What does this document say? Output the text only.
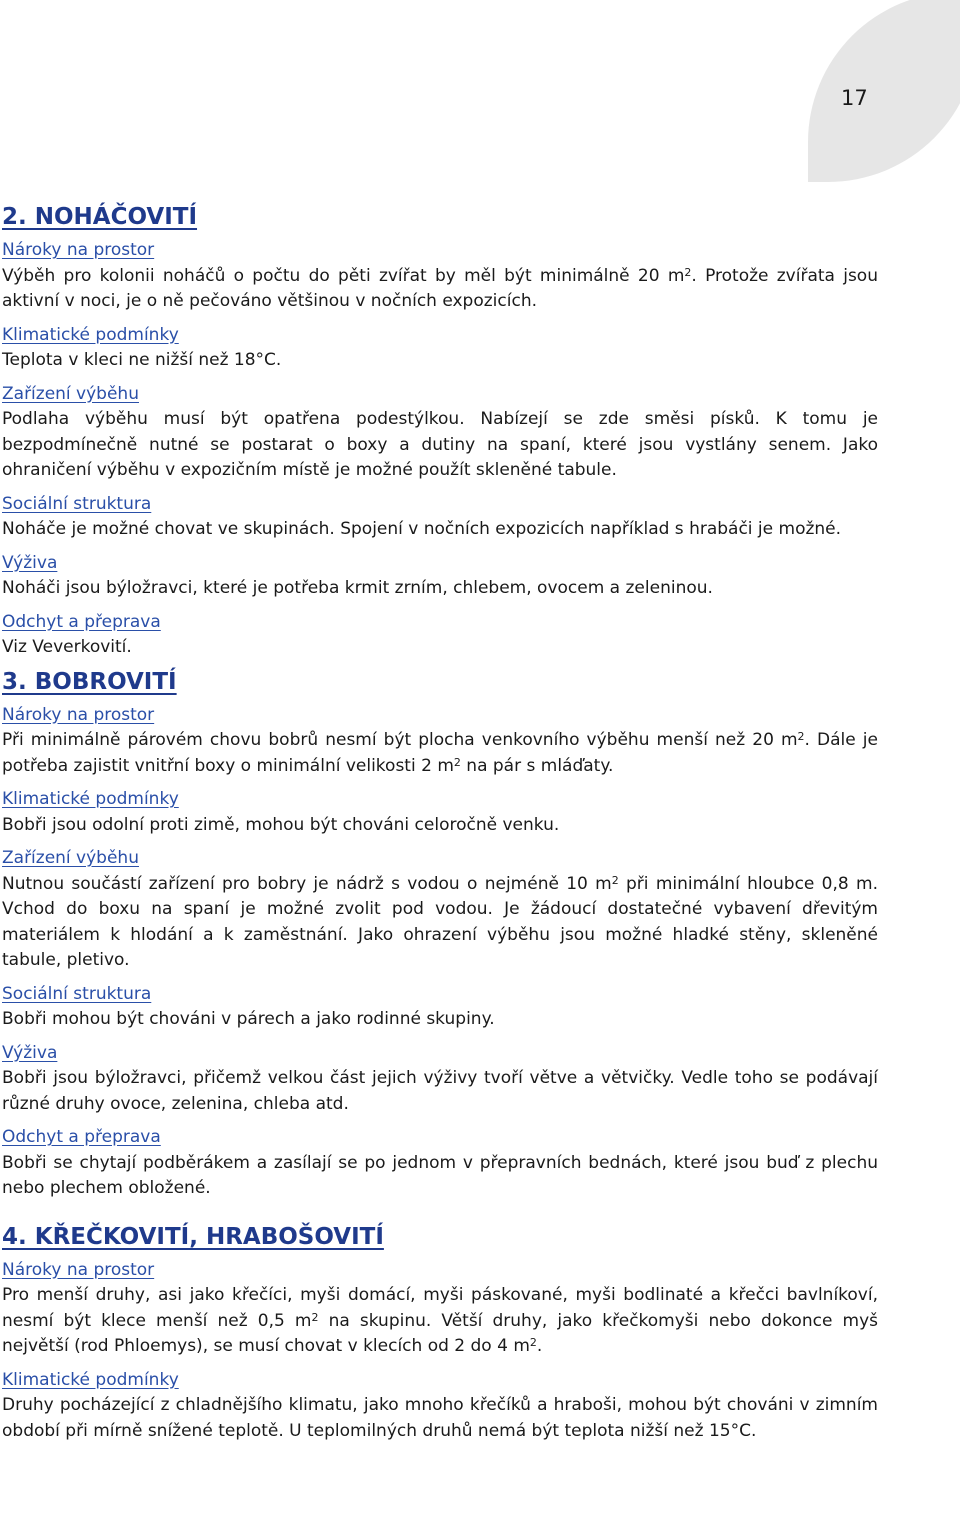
17
2. NOHÁČOVITÍ
Nároky na prostor

Výběh pro kolonii noháčů o počtu do pěti zvířat by měl být minimálně 20 $m^2$. Protože zvířata jsou aktivní v noci, je o ně pečováno většinou v nočních expozicích.

Klimatické podmínky

Teplota v kleci ne nižší než 18°C.

Zařízení výběhu

Podlaha výběhu musí být opatřena podestýlkou. Nabízejí se zde směsi písků. K tomu je bezpodmínečně nutné se postarat o boxy a dutiny na spaní, které jsou vystlány senem. Jako ohraničení výběhu v expozičním místě je možné použít skleněné tabule.

Sociální struktura

Noháče je možné chovat ve skupinách. Spojení v nočních expozicích například s hrabáči je možné.

Výživa

Noháči jsou býložravci, které je potřeba krmit zrním, chlebem, ovocem a zeleninou.

Odchyt a přeprava

Viz Veverkovití.

3. BOBROVITÍ
Nároky na prostor

Při minimálně párovém chovu bobrů nesmí být plocha venkovního výběhu menší než 20 $m^2$. Dále je potřeba zajistit vnitřní boxy o minimální velikosti 2 $m^2$ na pár s mláďaty.

Klimatické podmínky

Bobři jsou odolní proti zimě, mohou být chováni celoročně venku.

Zařízení výběhu

Nutnou součástí zařízení pro bobry je nádrž s vodou o nejméně 10 $m^2$ při minimální hloubce 0,8 m. Vchod do boxu na spaní je možné zvolit pod vodou. Je žádoucí dostatečné vybavení dřevitým materiálem k hlodání a k zaměstnání. Jako ohrazení výběhu jsou možné hladké stěny, skleněné tabule, pletivo.

Sociální struktura

Bobři mohou být chováni v párech a jako rodinné skupiny.

Výživa

Bobři jsou býložravci, přičemž velkou část jejich výživy tvoří větve a větvičky. Vedle toho se podávají různé druhy ovoce, zelenina, chleba atd.

Odchyt a přeprava

Bobři se chytají podběrákem a zasílají se po jednom v přepravních bednách, které jsou buď z plechu nebo plechem obložené.

4. KŘEČKOVITÍ, HRABOŠOVITÍ
Nároky na prostor

Pro menší druhy, asi jako křečíci, myši domácí, myši páskované, myši bodlinaté a křečci bavlníkoví, nesmí být klece menší než 0,5 $m^2$ na skupinu. Větší druhy, jako křečkomyši nebo dokonce myš největší (rod Phloemys), se musí chovat v klecích od 2 do 4 $m^2$.

Klimatické podmínky

Druhy pocházející z chladnějšího klimatu, jako mnoho křečíků a hraboši, mohou být chováni v zimním období při mírně snížené teplotě. U teplomilných druhů nemá být teplota nižší než 15°C.
